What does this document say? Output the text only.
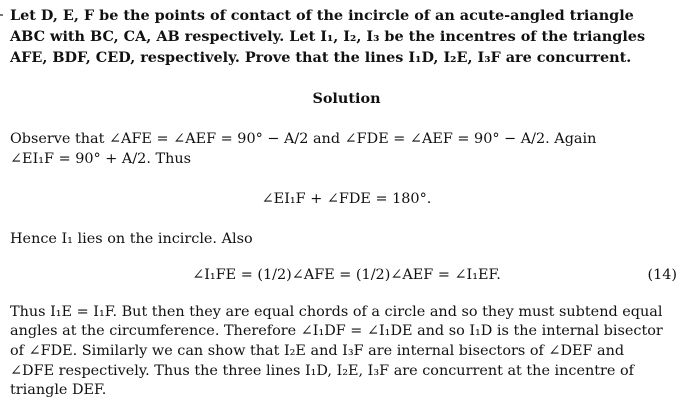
Let D, E, F be the points of contact of the incircle of an acute-angled triangle
ABC with BC, CA, AB respectively. Let I₁, I₂, I₃ be the incentres of the triangles
AFE, BDF, CED, respectively. Prove that the lines I₁D, I₂E, I₃F are concurrent.
Solution
Observe that ∠AFE = ∠AEF = 90° − A/2 and ∠FDE = ∠AEF = 90° − A/2. Again
∠EI₁F = 90° + A/2. Thus
∠EI₁F + ∠FDE = 180°.
Hence I₁ lies on the incircle. Also
∠I₁FE = (1/2)∠AFE = (1/2)∠AEF = ∠I₁EF.	(14)
Thus I₁E = I₁F. But then they are equal chords of a circle and so they must subtend equal
angles at the circumference. Therefore ∠I₁DF = ∠I₁DE and so I₁D is the internal bisector
of ∠FDE. Similarly we can show that I₂E and I₃F are internal bisectors of ∠DEF and
∠DFE respectively. Thus the three lines I₁D, I₂E, I₃F are concurrent at the incentre of
triangle DEF.
